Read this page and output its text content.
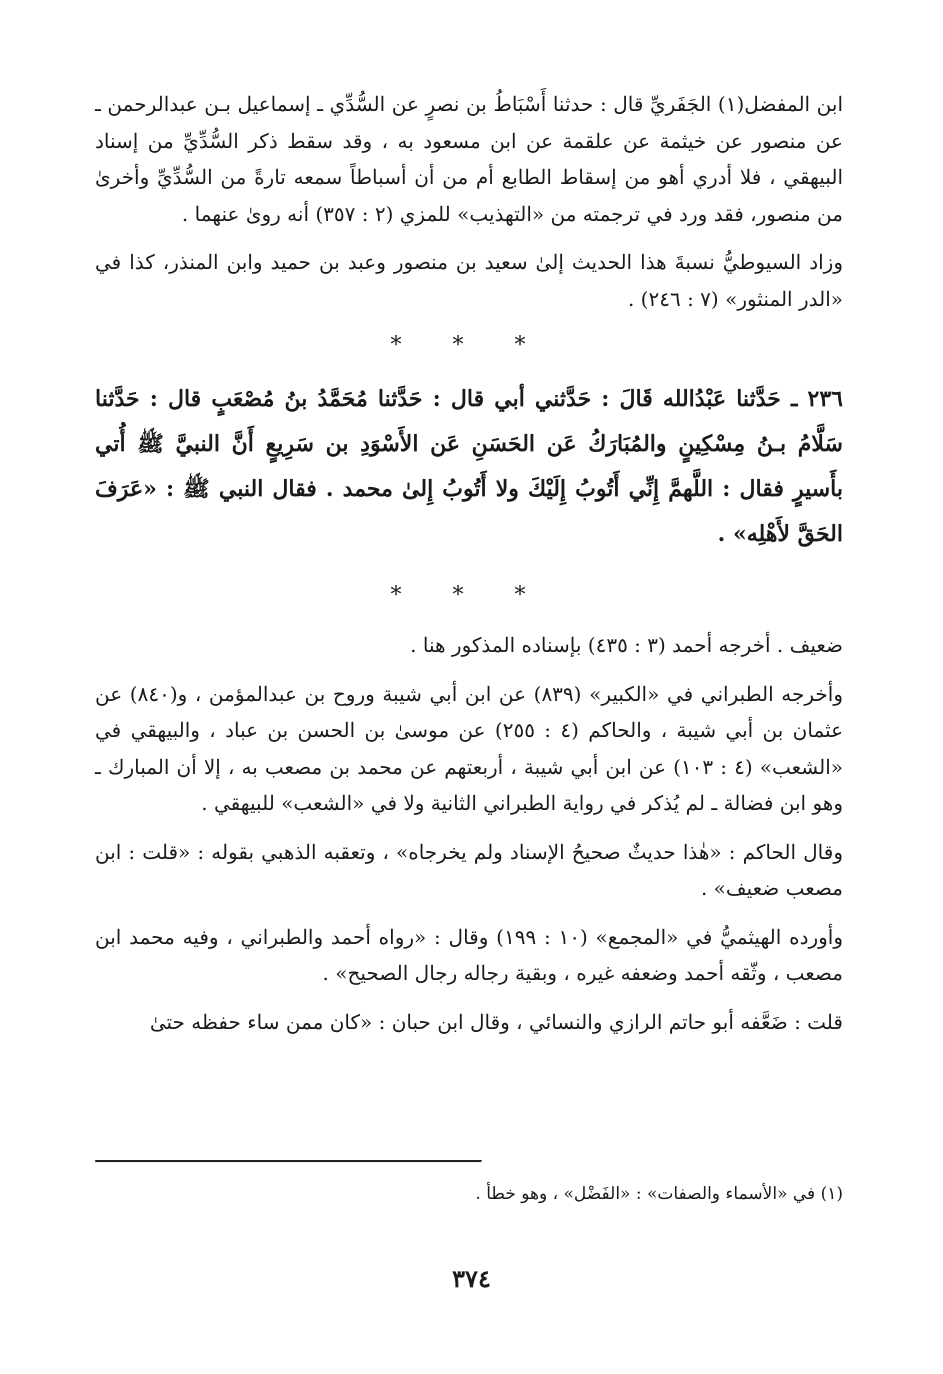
ابن المفضل(١) الجَفَريِّ قال : حدثنا أَسْبَاطُ بن نصرٍ عن السُّدِّي ـ إسماعيل بـن عبدالرحمن ـ عن منصور عن خيثمة عن علقمة عن ابن مسعود به ، وقد سقط ذكر السُّدِّيِّ من إسناد البيهقي ، فلا أدري أهو من إسقاط الطابع أم من أن أسباطاً سمعه تارةً من السُّدِّيِّ وأخرىٰ من منصور، فقد ورد في ترجمته من «التهذيب» للمزي (٢ : ٣٥٧) أنه روىٰ عنهما .

وزاد السيوطيُّ نسبةَ هذا الحديث إلىٰ سعيد بن منصور وعبد بن حميد وابن المنذر، كذا في «الدر المنثور» (٧ : ٢٤٦) .

* * *

٢٣٦ ـ حَدَّثنا عَبْدُالله قَالَ : حَدَّثني أبي قال : حَدَّثنا مُحَمَّدُ بنُ مُصْعَبٍ قال : حَدَّثنا سَلَّامُ بـنُ مِسْكِينٍ والمُبَارَكُ عَن الحَسَنِ عَن الأَسْوَدِ بن سَرِيعٍ أَنَّ النبيَّ ﷺ أُتي بأَسيرٍ فقال : اللَّهمَّ إِنِّي أَتُوبُ إِلَيْكَ ولا أَتُوبُ إِلىٰ محمد . فقال النبي ﷺ : «عَرَفَ الحَقَّ لأَهْلِه» .

* * *

ضعيف . أخرجه أحمد (٣ : ٤٣٥) بإسناده المذكور هنا .

وأخرجه الطبراني في «الكبير» (٨٣٩) عن ابن أبي شيبة وروح بن عبدالمؤمن ، و(٨٤٠) عن عثمان بن أبي شيبة ، والحاكم (٤ : ٢٥٥) عن موسىٰ بن الحسن بن عباد ، والبيهقي في «الشعب» (٤ : ١٠٣) عن ابن أبي شيبة ، أربعتهم عن محمد بن مصعب به ، إلا أن المبارك ـ وهو ابن فضالة ـ لم يُذكر في رواية الطبراني الثانية ولا في «الشعب» للبيهقي .

وقال الحاكم : «هٰذا حديثٌ صحيحُ الإسناد ولم يخرجاه» ، وتعقبه الذهبي بقوله : «قلت : ابن مصعب ضعيف» .

وأورده الهيثميُّ في «المجمع» (١٠ : ١٩٩) وقال : «رواه أحمد والطبراني ، وفيه محمد ابن مصعب ، وثّقه أحمد وضعفه غيره ، وبقية رجاله رجال الصحيح» .

قلت : ضَعَّفه أبو حاتم الرازي والنسائي ، وقال ابن حبان : «كان ممن ساء حفظه حتىٰ

(١) في «الأسماء والصفات» : «الفَضْل» ، وهو خطأ .
٣٧٤
